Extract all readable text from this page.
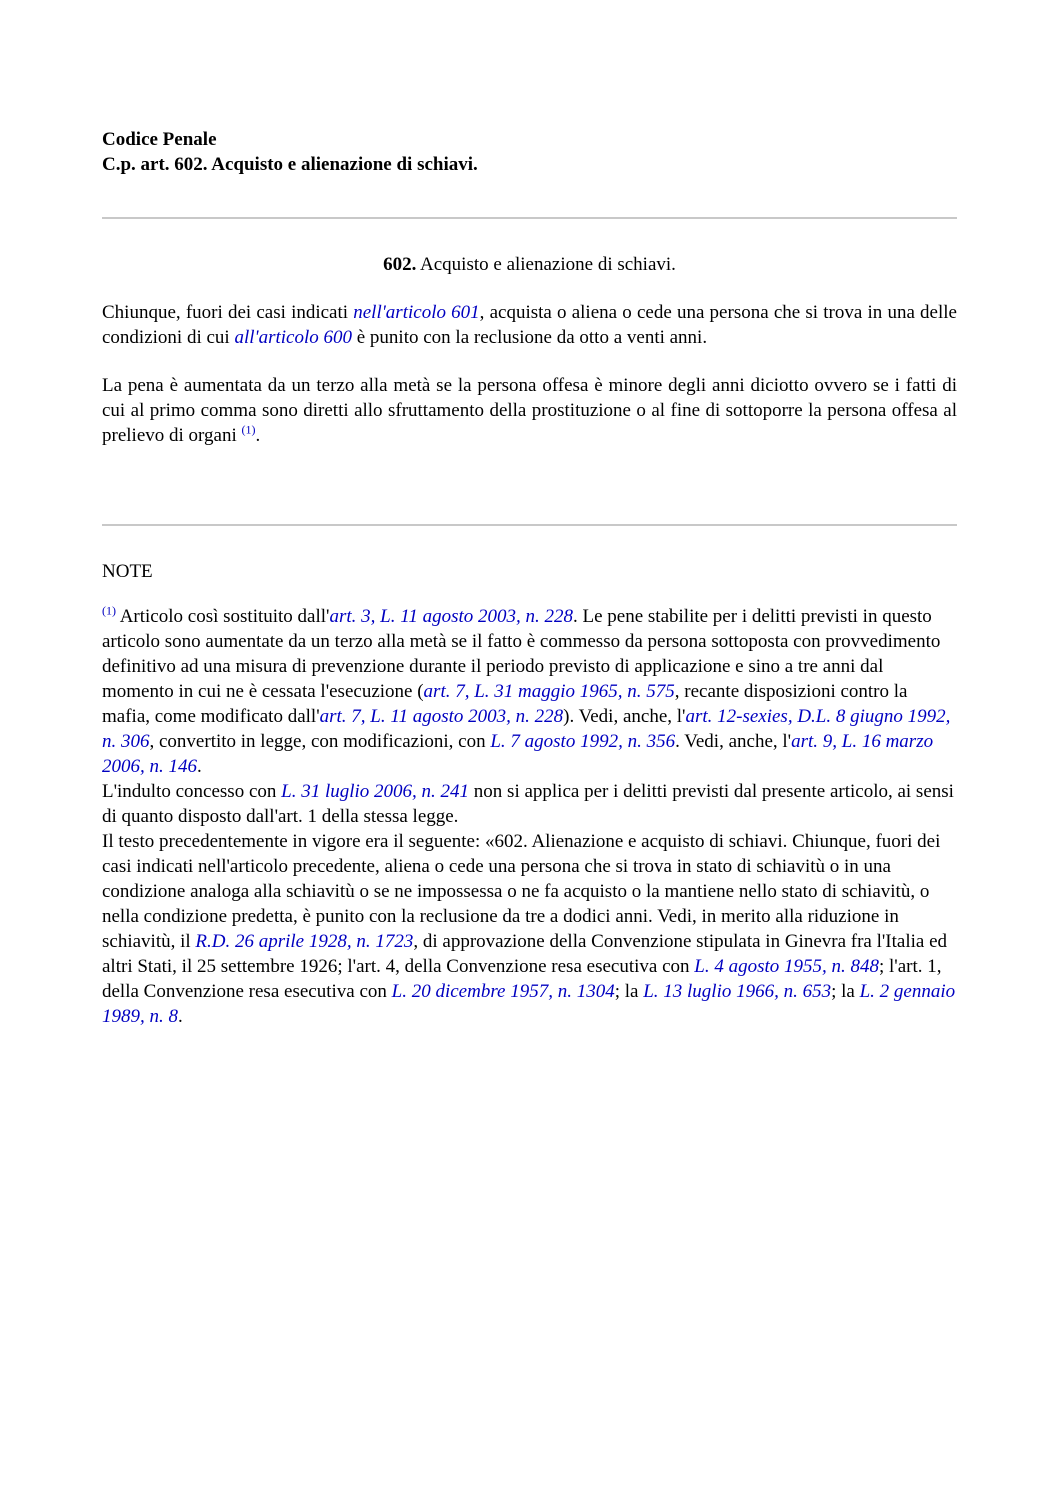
Codice Penale
C.p. art. 602. Acquisto e alienazione di schiavi.
602. Acquisto e alienazione di schiavi.
Chiunque, fuori dei casi indicati nell'articolo 601, acquista o aliena o cede una persona che si trova in una delle condizioni di cui all'articolo 600 è punito con la reclusione da otto a venti anni.
La pena è aumentata da un terzo alla metà se la persona offesa è minore degli anni diciotto ovvero se i fatti di cui al primo comma sono diretti allo sfruttamento della prostituzione o al fine di sottoporre la persona offesa al prelievo di organi $^{(1)}$.
NOTE
$^{(1)}$ Articolo così sostituito dall'art. 3, L. 11 agosto 2003, n. 228. Le pene stabilite per i delitti previsti in questo articolo sono aumentate da un terzo alla metà se il fatto è commesso da persona sottoposta con provvedimento definitivo ad una misura di prevenzione durante il periodo previsto di applicazione e sino a tre anni dal momento in cui ne è cessata l'esecuzione (art. 7, L. 31 maggio 1965, n. 575, recante disposizioni contro la mafia, come modificato dall'art. 7, L. 11 agosto 2003, n. 228). Vedi, anche, l'art. 12-sexies, D.L. 8 giugno 1992, n. 306, convertito in legge, con modificazioni, con L. 7 agosto 1992, n. 356. Vedi, anche, l'art. 9, L. 16 marzo 2006, n. 146.
L'indulto concesso con L. 31 luglio 2006, n. 241 non si applica per i delitti previsti dal presente articolo, ai sensi di quanto disposto dall'art. 1 della stessa legge.
Il testo precedentemente in vigore era il seguente: «602. Alienazione e acquisto di schiavi. Chiunque, fuori dei casi indicati nell'articolo precedente, aliena o cede una persona che si trova in stato di schiavitù o in una condizione analoga alla schiavitù o se ne impossessa o ne fa acquisto o la mantiene nello stato di schiavitù, o nella condizione predetta, è punito con la reclusione da tre a dodici anni. Vedi, in merito alla riduzione in schiavitù, il R.D. 26 aprile 1928, n. 1723, di approvazione della Convenzione stipulata in Ginevra fra l'Italia ed altri Stati, il 25 settembre 1926; l'art. 4, della Convenzione resa esecutiva con L. 4 agosto 1955, n. 848; l'art. 1, della Convenzione resa esecutiva con L. 20 dicembre 1957, n. 1304; la L. 13 luglio 1966, n. 653; la L. 2 gennaio 1989, n. 8.
